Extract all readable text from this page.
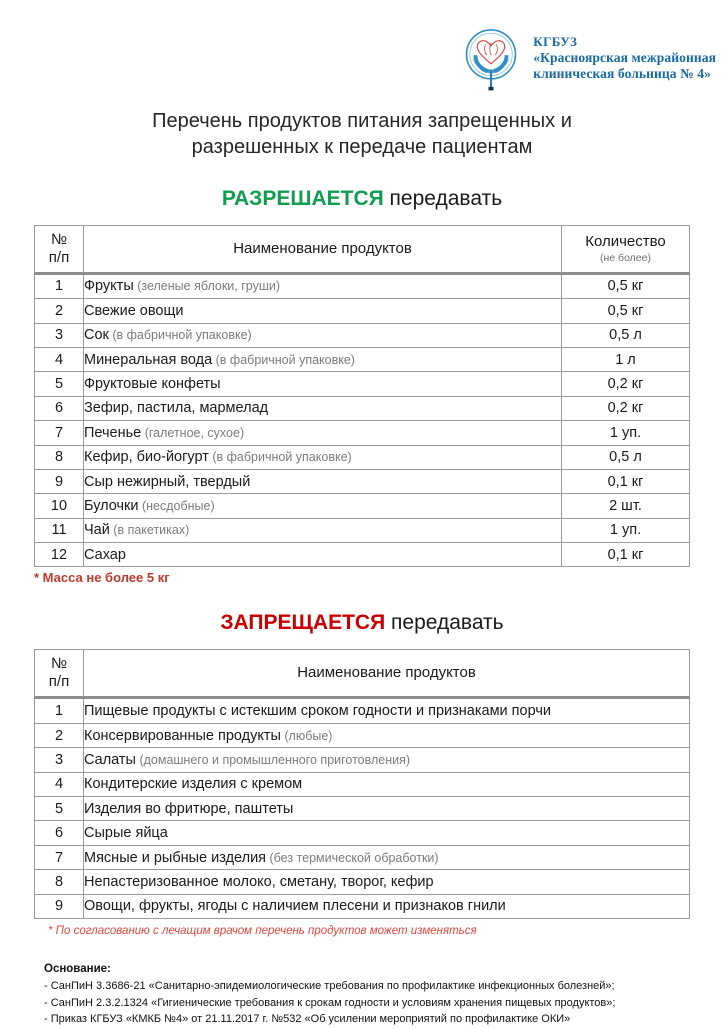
КГБУЗ
«Красноярская межрайонная
клиническая больница № 4»
Перечень продуктов питания запрещенных и
разрешенных к передаче пациентам
РАЗРЕШАЕТСЯ передавать
№
п/п	Наименование продуктов	Количество
(не более)

1	Фрукты (зеленые яблоки, груши)	0,5 кг
2	Свежие овощи	0,5 кг
3	Сок (в фабричной упаковке)	0,5 л
4	Минеральная вода (в фабричной упаковке)	1 л
5	Фруктовые конфеты	0,2 кг
6	Зефир, пастила, мармелад	0,2 кг
7	Печенье (галетное, сухое)	1 уп.
8	Кефир, био-йогурт (в фабричной упаковке)	0,5 л
9	Сыр нежирный, твердый	0,1 кг
10	Булочки (несдобные)	2 шт.
11	Чай (в пакетиках)	1 уп.
12	Сахар	0,1 кг
* Масса не более 5 кг
ЗАПРЕЩАЕТСЯ передавать
№
п/п	Наименование продуктов
1	Пищевые продукты с истекшим сроком годности и признаками порчи
2	Консервированные продукты (любые)
3	Салаты (домашнего и промышленного приготовления)
4	Кондитерские изделия с кремом
5	Изделия во фритюре, паштеты
6	Сырые яйца
7	Мясные и рыбные изделия (без термической обработки)
8	Непастеризованное молоко, сметану, творог, кефир
9	Овощи, фрукты, ягоды с наличием плесени и признаков гнили
* По согласованию с лечащим врачом перечень продуктов может изменяться
Основание:
- СанПиН 3.3686-21 «Санитарно-эпидемиологические требования по профилактике инфекционных болезней»;
- СанПиН 2.3.2.1324 «Гигиенические требования к срокам годности и условиям хранения пищевых продуктов»;
- Приказ КГБУЗ «КМКБ №4» от 21.11.2017 г. №532 «Об усилении мероприятий по профилактике ОКИ»
